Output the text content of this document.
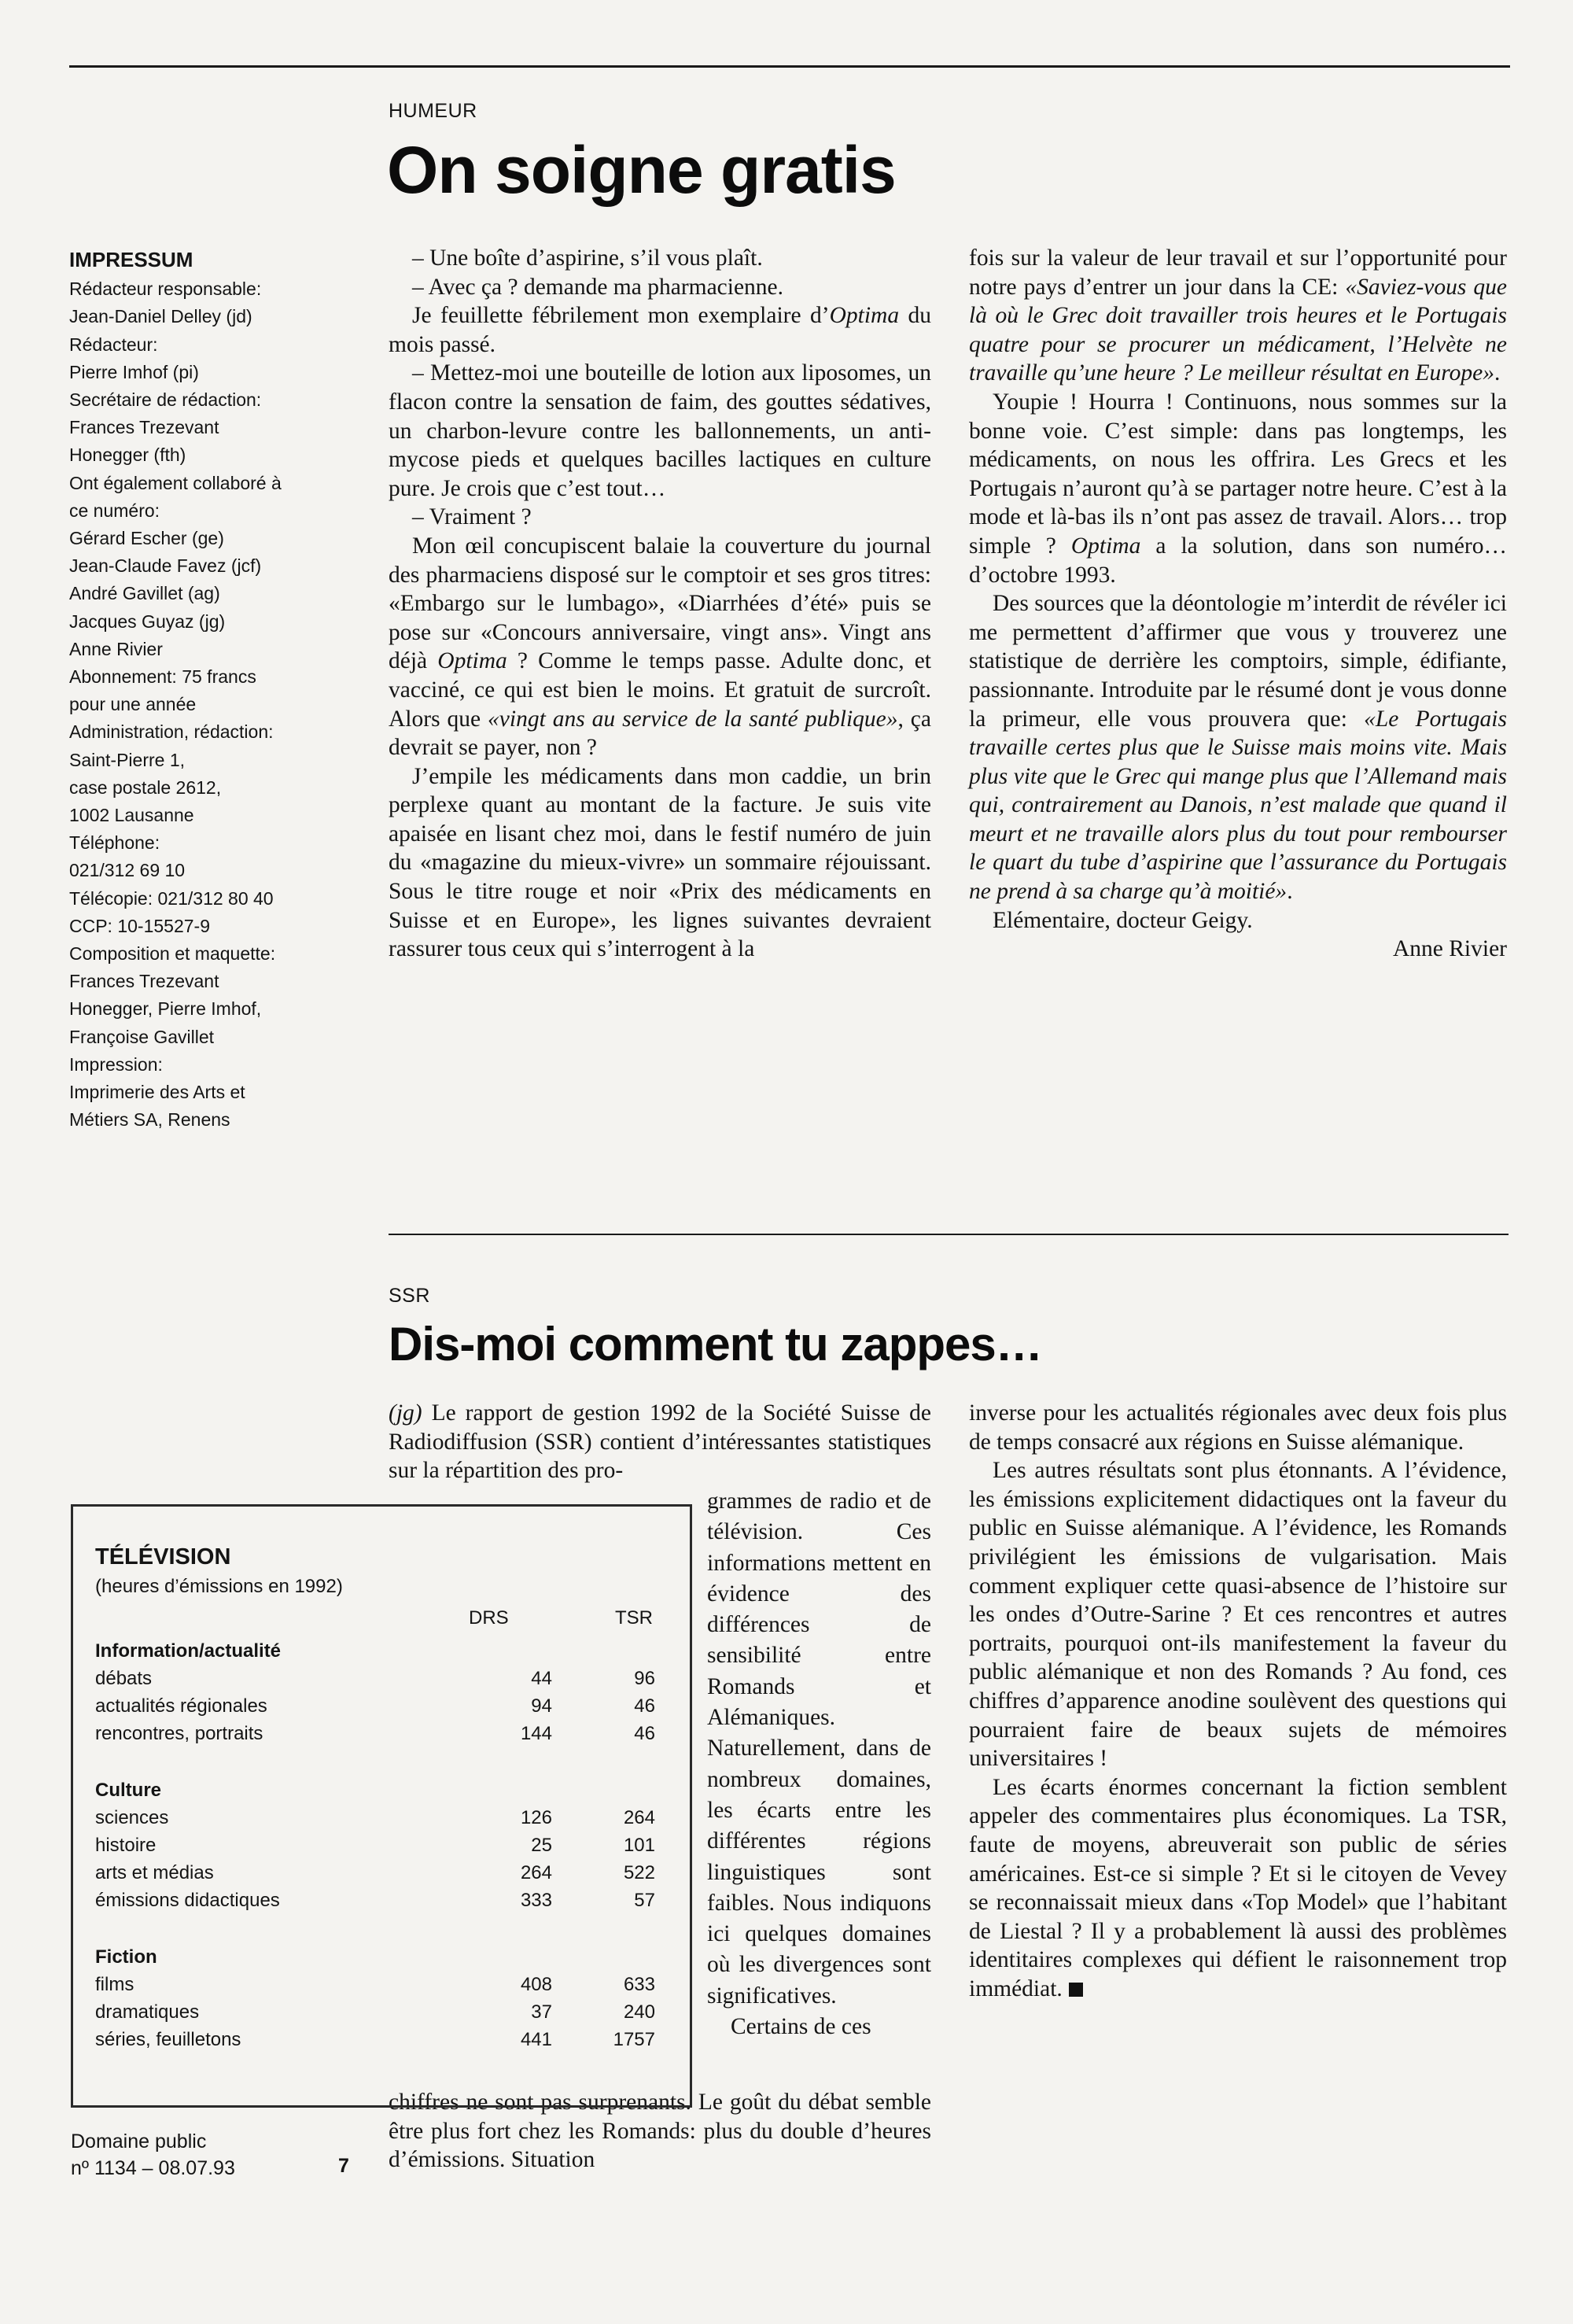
HUMEUR
On soigne gratis

– Une boîte d’aspirine, s’il vous plaît.

– Avec ça ? demande ma pharmacienne.

Je feuillette fébrilement mon exemplaire d’Optima du mois passé.

– Mettez-moi une bouteille de lotion aux liposomes, un flacon contre la sensation de faim, des gouttes sédatives, un charbon-levure contre les ballonnements, un anti-mycose pieds et quelques bacilles lactiques en culture pure. Je crois que c’est tout…

– Vraiment ?

Mon œil concupiscent balaie la couverture du journal des pharmaciens disposé sur le comptoir et ses gros titres: «Embargo sur le lumbago», «Diarrhées d’été» puis se pose sur «Concours anniversaire, vingt ans». Vingt ans déjà Optima ? Comme le temps passe. Adulte donc, et vacciné, ce qui est bien le moins. Et gratuit de surcroît. Alors que «vingt ans au service de la santé publique», ça devrait se payer, non ?

J’empile les médicaments dans mon caddie, un brin perplexe quant au montant de la facture. Je suis vite apaisée en lisant chez moi, dans le festif numéro de juin du «magazine du mieux-vivre» un sommaire réjouissant. Sous le titre rouge et noir «Prix des médicaments en Suisse et en Europe», les lignes suivantes devraient rassurer tous ceux qui s’interrogent à la

fois sur la valeur de leur travail et sur l’opportunité pour notre pays d’entrer un jour dans la CE: «Saviez-vous que là où le Grec doit travailler trois heures et le Portugais quatre pour se procurer un médicament, l’Helvète ne travaille qu’une heure ? Le meilleur résultat en Europe».

Youpie ! Hourra ! Continuons, nous sommes sur la bonne voie. C’est simple: dans pas longtemps, les médicaments, on nous les offrira. Les Grecs et les Portugais n’auront qu’à se partager notre heure. C’est à la mode et là-bas ils n’ont pas assez de travail. Alors… trop simple ? Optima a la solution, dans son numéro… d’octobre 1993.

Des sources que la déontologie m’interdit de révéler ici me permettent d’affirmer que vous y trouverez une statistique de derrière les comptoirs, simple, édifiante, passionnante. Introduite par le résumé dont je vous donne la primeur, elle vous prouvera que: «Le Portugais travaille certes plus que le Suisse mais moins vite. Mais plus vite que le Grec qui mange plus que l’Allemand mais qui, contrairement au Danois, n’est malade que quand il meurt et ne travaille alors plus du tout pour rembourser le quart du tube d’aspirine que l’assurance du Portugais ne prend à sa charge qu’à moitié».

Elémentaire, docteur Geigy.

Anne Rivier

IMPRESSUM
Rédacteur responsable:
Jean-Daniel Delley (jd)
Rédacteur:
Pierre Imhof (pi)
Secrétaire de rédaction:
Frances Trezevant
Honegger (fth)
Ont également collaboré à
ce numéro:
Gérard Escher (ge)
Jean-Claude Favez (jcf)
André Gavillet (ag)
Jacques Guyaz (jg)
Anne Rivier
Abonnement: 75 francs
pour une année
Administration, rédaction:
Saint-Pierre 1,
case postale 2612,
1002 Lausanne
Téléphone:
021/312 69 10
Télécopie: 021/312 80 40
CCP: 10-15527-9
Composition et maquette:
Frances Trezevant
Honegger, Pierre Imhof,
Françoise Gavillet
Impression:
Imprimerie des Arts et
Métiers SA, Renens
SSR
Dis-moi comment tu zappes…

(jg) Le rapport de gestion 1992 de la Société Suisse de Radiodiffusion (SSR) contient d’intéressantes statistiques sur la répartition des pro-

grammes de radio et de télévision. Ces informations mettent en évidence des différences de sensibilité entre Romands et Alémaniques. Naturellement, dans de nombreux domaines, les écarts entre les différentes régions linguistiques sont faibles. Nous indiquons ici quelques domaines où les divergences sont significatives.

Certains de ces

chiffres ne sont pas surprenants. Le goût du débat semble être plus fort chez les Romands: plus du double d’heures d’émissions. Situation

inverse pour les actualités régionales avec deux fois plus de temps consacré aux régions en Suisse alémanique.

Les autres résultats sont plus étonnants. A l’évidence, les émissions explicitement didactiques ont la faveur du public en Suisse alémanique. A l’évidence, les Romands privilégient les émissions de vulgarisation. Mais comment expliquer cette quasi-absence de l’histoire sur les ondes d’Outre-Sarine ? Et ces rencontres et autres portraits, pourquoi ont-ils manifestement la faveur du public alémanique et non des Romands ? Au fond, ces chiffres d’apparence anodine soulèvent des questions qui pourraient faire de beaux sujets de mémoires universitaires !

Les écarts énormes concernant la fiction semblent appeler des commentaires plus économiques. La TSR, faute de moyens, abreuverait son public de séries américaines. Est-ce si simple ? Et si le citoyen de Vevey se reconnaissait mieux dans «Top Model» que l’habitant de Liestal ? Il y a probablement là aussi des problèmes identitaires complexes qui défient le raisonnement trop immédiat.

TÉLÉVISION
(heures d’émissions en 1992)
DRS	TSR
Information/actualité
débats	44	96
actualités régionales	94	46
rencontres, portraits	144	46
Culture
sciences	126	264
histoire	25	101
arts et médias	264	522
émissions didactiques	333	57
Fiction
films	408	633
dramatiques	37	240
séries, feuilletons	441	1757
Domaine public
nº 1134 – 08.07.93	7
